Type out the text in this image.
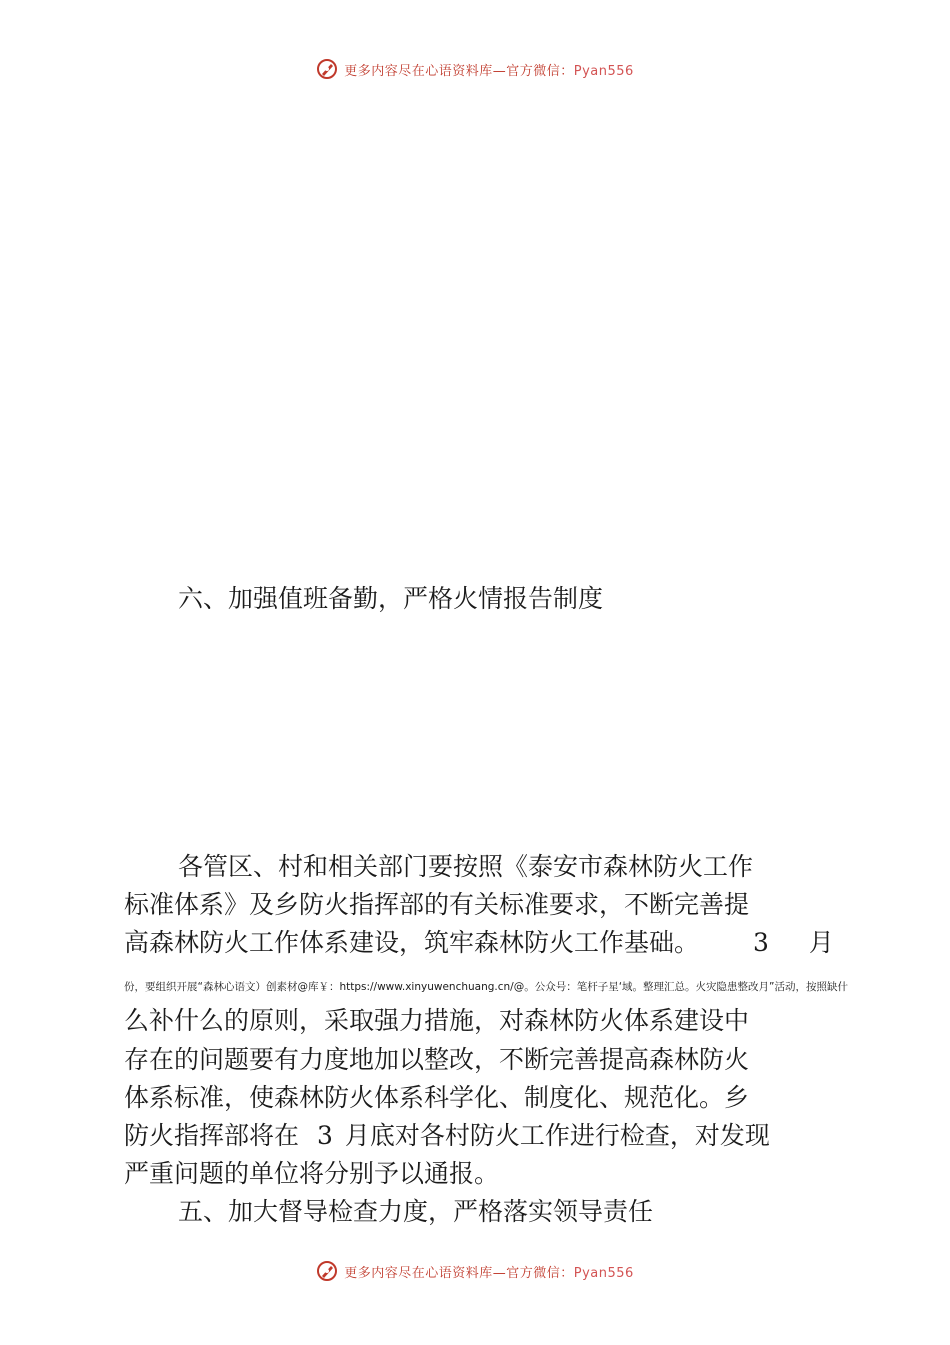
更多内容尽在心语资料库—官方微信：Pyan556
六、加强值班备勤，严格火情报告制度
各管区、村和相关部门要按照《泰安市森林防火工作
标准体系》及乡防火指挥部的有关标准要求，不断完善提
高森林防火工作体系建设，筑牢森林防火工作基础。 3 月
份，要组织开展“森林心语文）创素材@库￥：https://www.xinyuwenchuang.cn/@。公众号：笔杆子星‘域。整理汇总。火灾隐患整改月”活动，按照缺什
么补什么的原则，采取强力措施，对森林防火体系建设中
存在的问题要有力度地加以整改，不断完善提高森林防火
体系标准，使森林防火体系科学化、制度化、规范化。乡
防火指挥部将在 3 月底对各村防火工作进行检查，对发现
严重问题的单位将分别予以通报。
五、加大督导检查力度，严格落实领导责任
更多内容尽在心语资料库—官方微信：Pyan556
